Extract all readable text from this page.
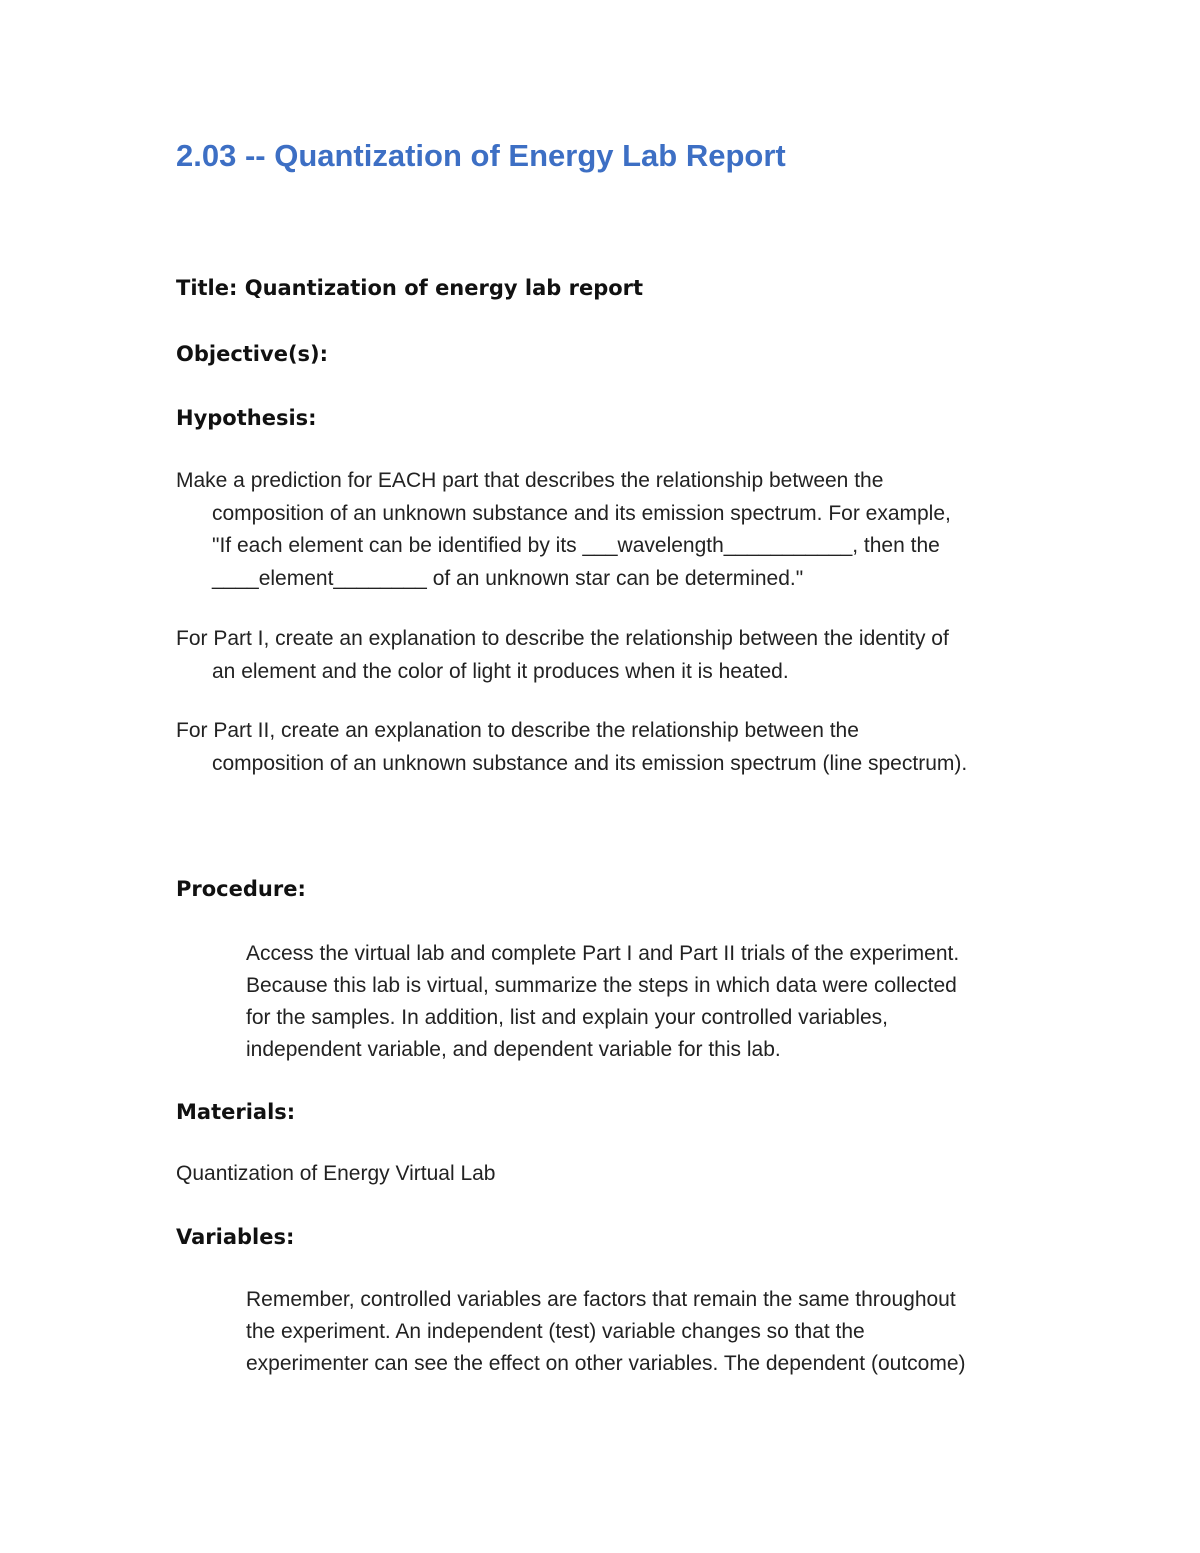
2.03 -- Quantization of Energy Lab Report

Title: Quantization of energy lab report

Objective(s):

Hypothesis:

Make a prediction for EACH part that describes the relationship between the
composition of an unknown substance and its emission spectrum. For example,
"If each element can be identified by its ___wavelength___________, then the
____element________ of an unknown star can be determined."
For Part I, create an explanation to describe the relationship between the identity of
an element and the color of light it produces when it is heated.
For Part II, create an explanation to describe the relationship between the
composition of an unknown substance and its emission spectrum (line spectrum).

Procedure:

Access the virtual lab and complete Part I and Part II trials of the experiment.
Because this lab is virtual, summarize the steps in which data were collected
for the samples. In addition, list and explain your controlled variables,
independent variable, and dependent variable for this lab.

Materials:

Quantization of Energy Virtual Lab

Variables:

Remember, controlled variables are factors that remain the same throughout
the experiment. An independent (test) variable changes so that the
experimenter can see the effect on other variables. The dependent (outcome)
